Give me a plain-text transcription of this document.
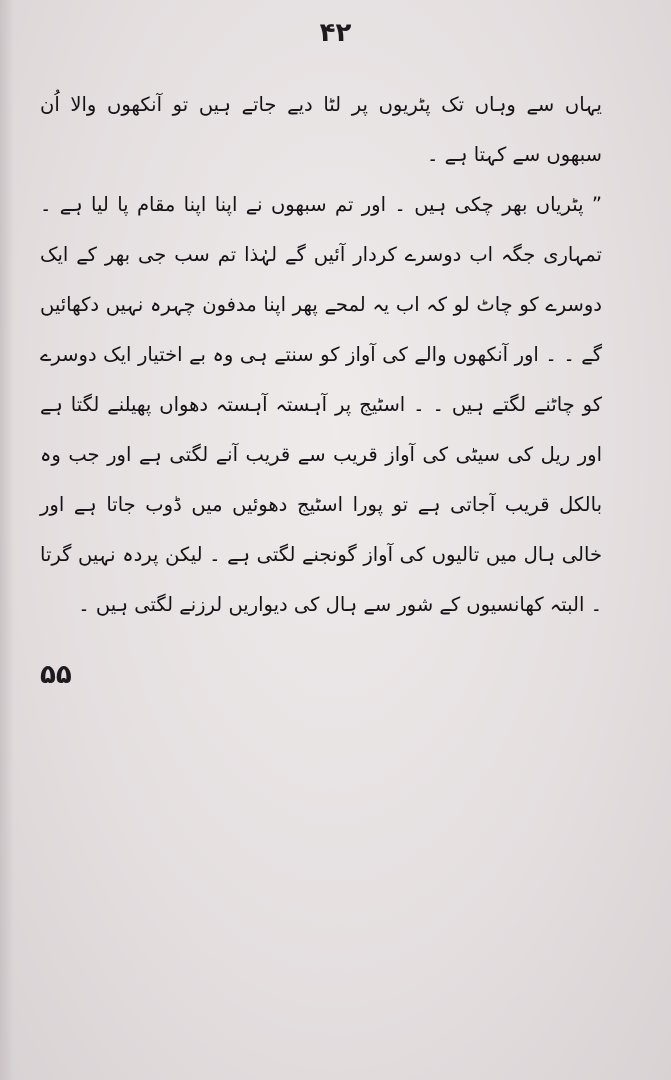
۴۲

یہاں سے وہاں تک پٹریوں پر لٹا دیے جاتے ہیں تو آنکھوں والا اُن سبھوں سے کہتا ہے ۔

” پٹریاں بھر چکی ہیں ۔ اور تم سبھوں نے اپنا اپنا مقام پا لیا ہے ۔ تمہاری جگہ اب دوسرے کردار آئیں گے لہٰذا تم سب جی بھر کے ایک دوسرے کو چاٹ لو کہ اب یہ لمحے پھر اپنا مدفون چہرہ نہیں دکھائیں گے ۔ ۔ اور آنکھوں والے کی آواز کو سنتے ہی وہ بے اختیار ایک دوسرے کو چاٹنے لگتے ہیں ۔ ۔ اسٹیج پر آہستہ آہستہ دھواں پھیلنے لگتا ہے اور ریل کی سیٹی کی آواز قریب سے قریب آنے لگتی ہے اور جب وہ بالکل قریب آجاتی ہے تو پورا اسٹیج دھوئیں میں ڈوب جاتا ہے اور خالی ہال میں تالیوں کی آواز گونجنے لگتی ہے ۔ لیکن پردہ نہیں گرتا ۔ البتہ کھانسیوں کے شور سے ہال کی دیواریں لرزنے لگتی ہیں ۔

۵۵
